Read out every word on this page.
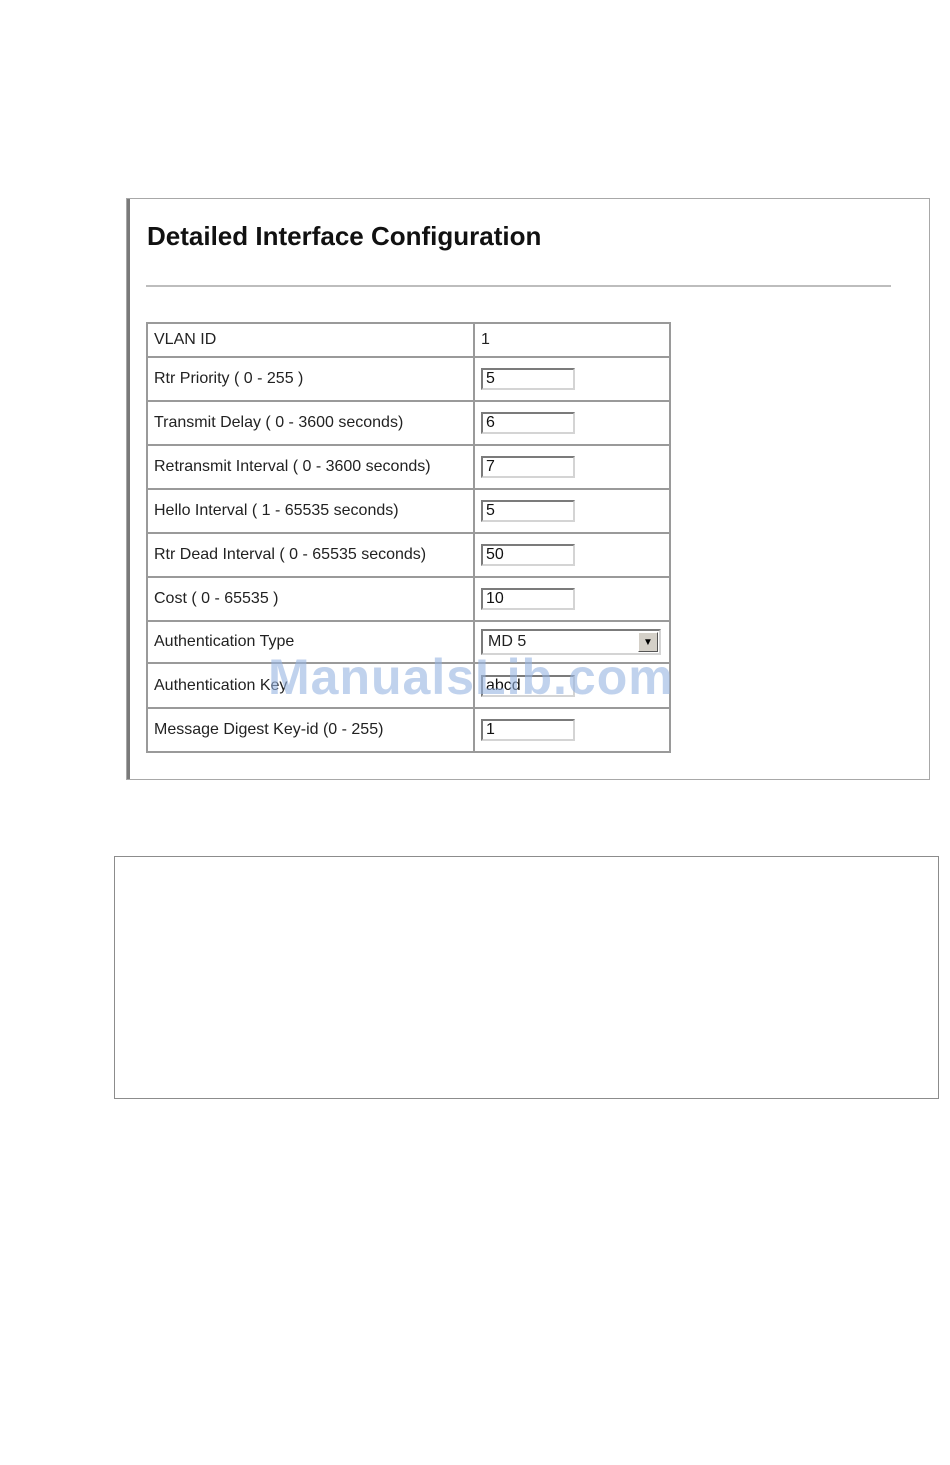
Detailed Interface Configuration
VLAN ID	1
Rtr Priority ( 0 - 255 )	5
Transmit Delay ( 0 - 3600 seconds)	6
Retransmit Interval ( 0 - 3600 seconds)	7
Hello Interval ( 1 - 65535 seconds)	5
Rtr Dead Interval ( 0 - 65535 seconds)	50
Cost ( 0 - 65535 )	10
Authentication Type	MD 5 ▼

Authentication Key	abcd
Message Digest Key-id (0 - 255)	1
ManualsLib.com
